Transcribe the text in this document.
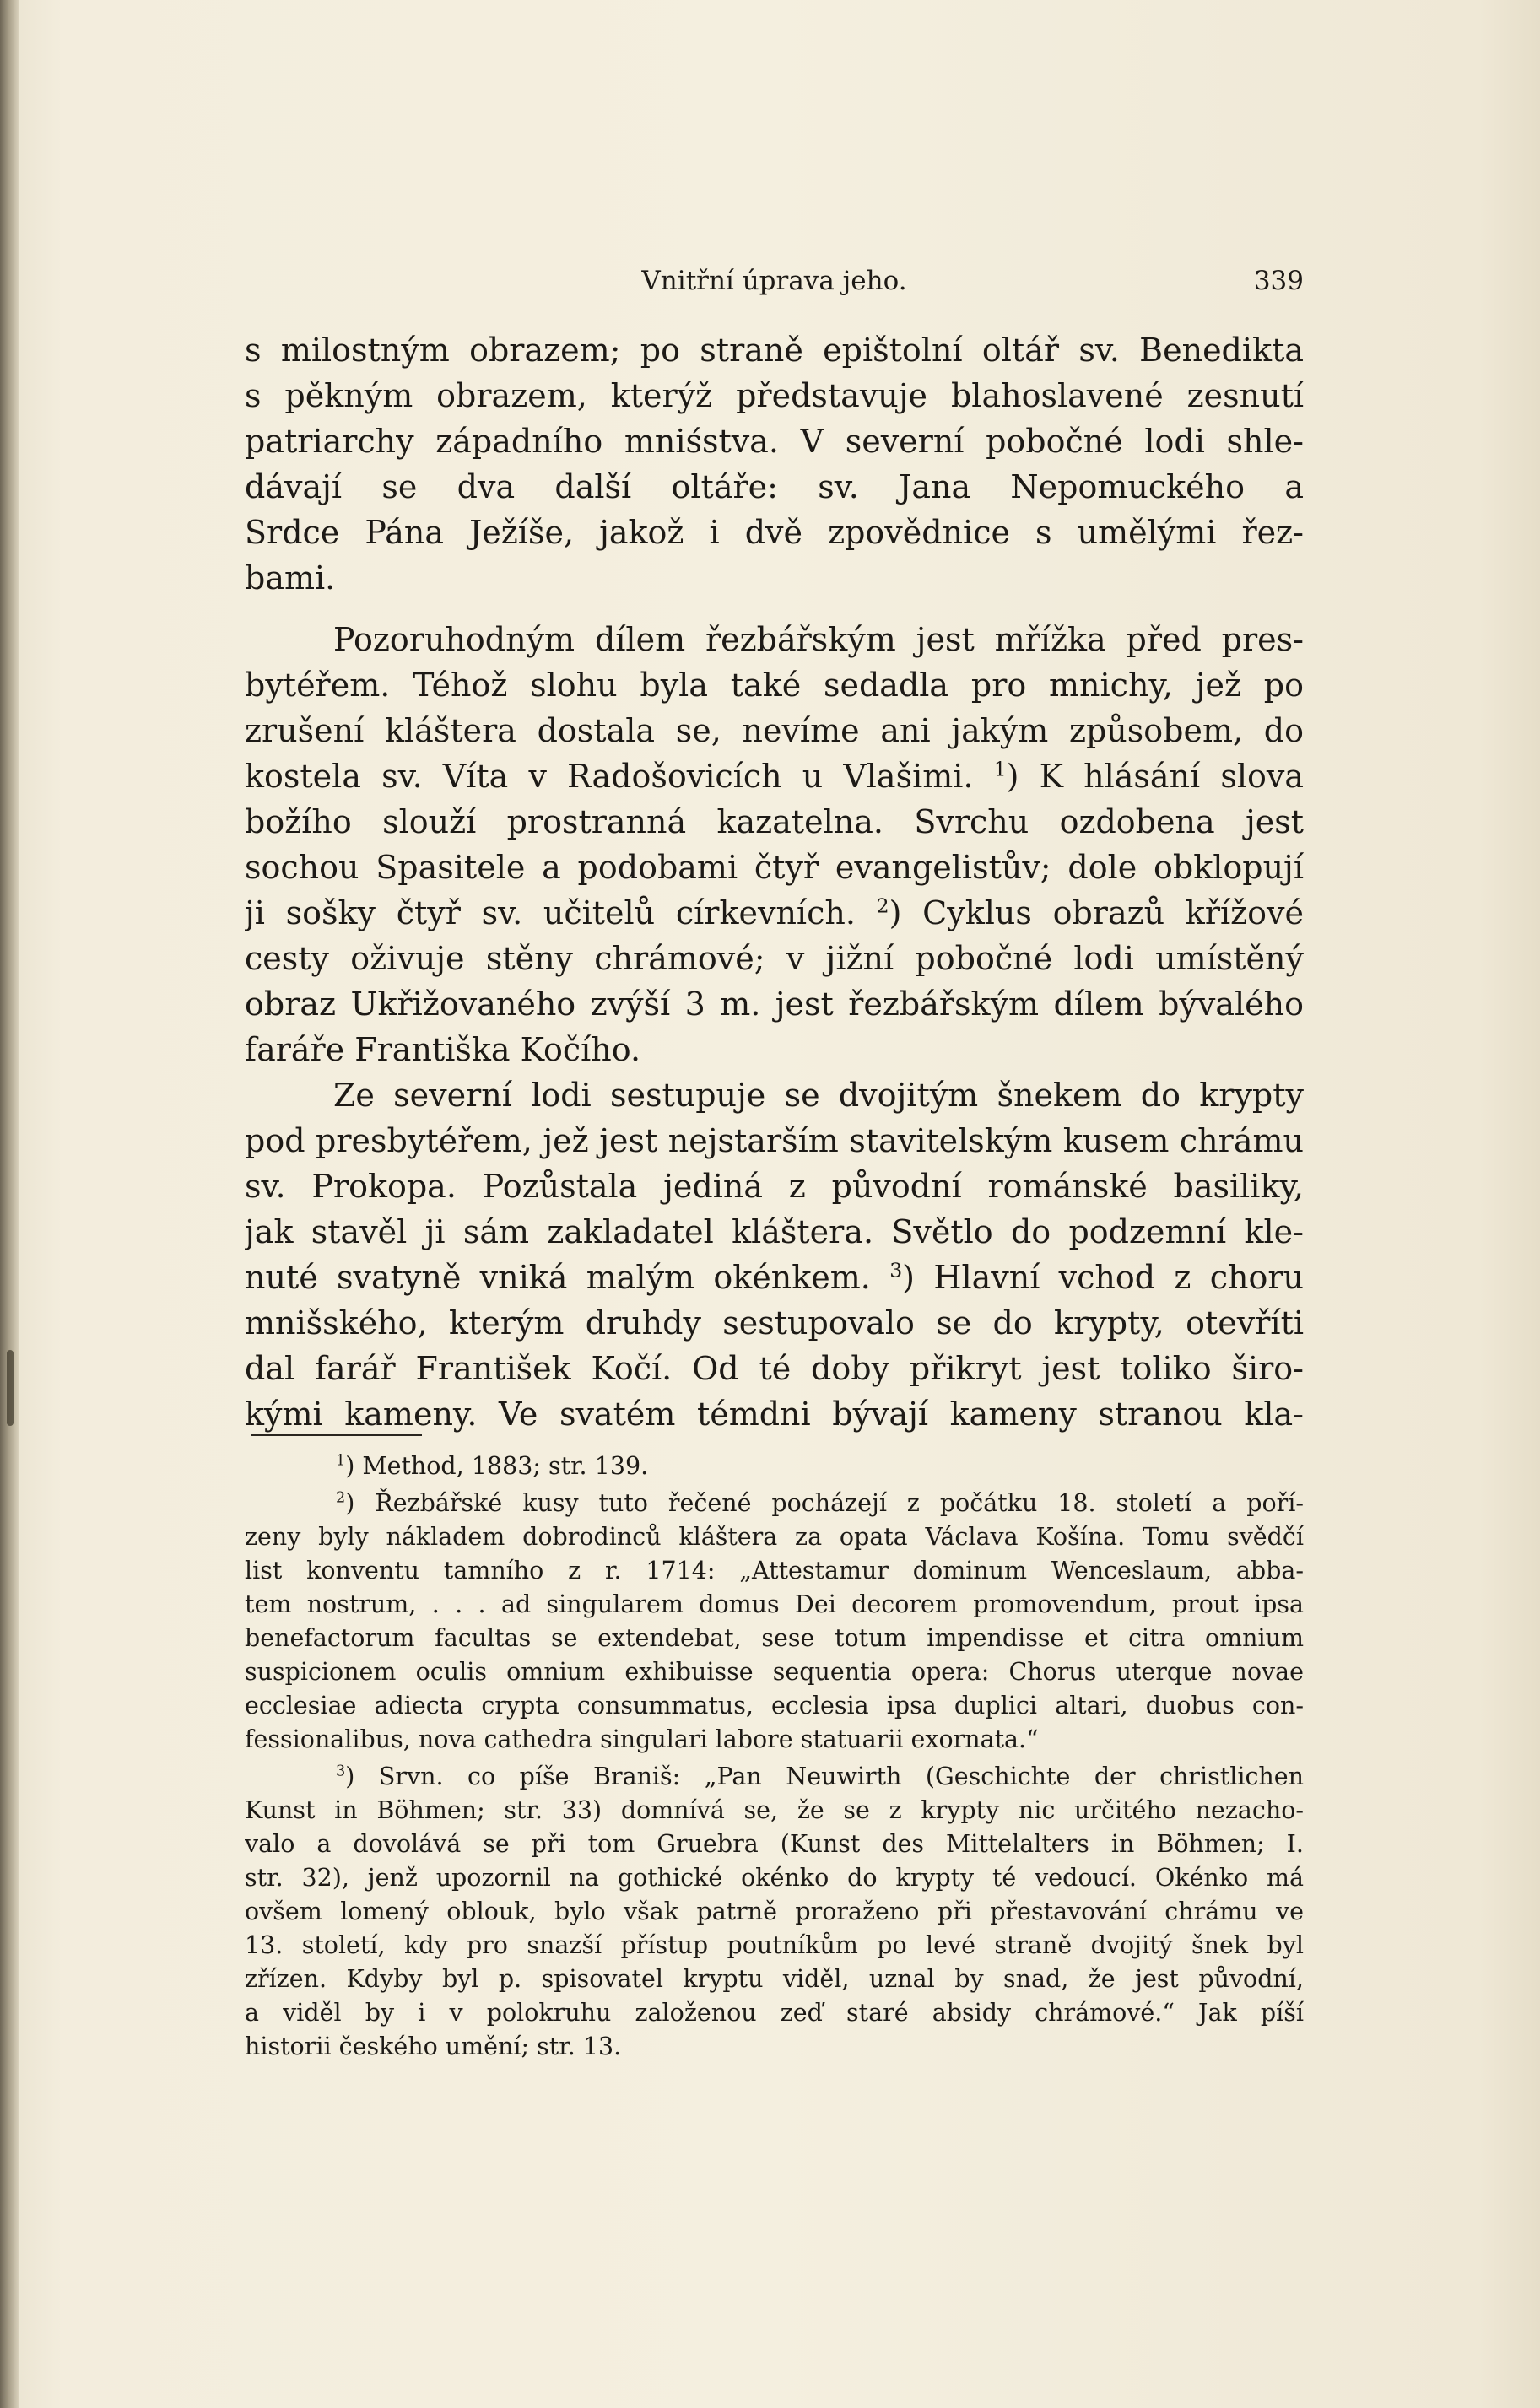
Vnitřní úprava jeho.	339
s milostným obrazem; po straně epištolní oltář sv. Benedikta
s pěkným obrazem, kterýž představuje blahoslavené zesnutí
patriarchy západního mniśstva. V severní pobočné lodi shle-
dávají se dva další oltáře: sv. Jana Nepomuckého a
Srdce Pána Ježíše, jakož i dvě zpovědnice s umělými řez-
bami.
Pozoruhodným dílem řezbářským jest mřížka před pres-
bytéřem. Téhož slohu byla také sedadla pro mnichy, jež po
zrušení kláštera dostala se, nevíme ani jakým způsobem, do
kostela sv. Víta v Radošovicích u Vlašimi. $^1$) K hlásání slova
božího slouží prostranná kazatelna. Svrchu ozdobena jest
sochou Spasitele a podobami čtyř evangelistův; dole obklopují
ji sošky čtyř sv. učitelů církevních. $^2$) Cyklus obrazů křížové
cesty oživuje stěny chrámové; v jižní pobočné lodi umístěný
obraz Ukřižovaného zvýší 3 m. jest řezbářským dílem bývalého
faráře Františka Kočího.
Ze severní lodi sestupuje se dvojitým šnekem do krypty
pod presbytéřem, jež jest nejstarším stavitelským kusem chrámu
sv. Prokopa. Pozůstala jediná z původní románské basiliky,
jak stavěl ji sám zakladatel kláštera. Světlo do podzemní kle-
nuté svatyně vniká malým okénkem. $^3$) Hlavní vchod z choru
mnišského, kterým druhdy sestupovalo se do krypty, otevříti
dal farář František Kočí. Od té doby přikryt jest toliko širo-
kými kameny. Ve svatém témdni bývají kameny stranou kla-
$^1$) Method, 1883; str. 139.
$^2$) Řezbářské kusy tuto řečené pocházejí z počátku 18. století a poří-
zeny byly nákladem dobrodinců kláštera za opata Václava Košína. Tomu svědčí
list konventu tamního z r. 1714: „Attestamur dominum Wenceslaum, abba-
tem nostrum, . . . ad singularem domus Dei decorem promovendum, prout ipsa
benefactorum facultas se extendebat, sese totum impendisse et citra omnium
suspicionem oculis omnium exhibuisse sequentia opera: Chorus uterque novae
ecclesiae adiecta crypta consummatus, ecclesia ipsa duplici altari, duobus con-
fessionalibus, nova cathedra singulari labore statuarii exornata.“
$^3$) Srvn. co píše Braniš: „Pan Neuwirth (Geschichte der christlichen
Kunst in Böhmen; str. 33) domnívá se, že se z krypty nic určitého nezacho-
valo a dovolává se při tom Gruebra (Kunst des Mittelalters in Böhmen; I.
str. 32), jenž upozornil na gothické okénko do krypty té vedoucí. Okénko má
ovšem lomený oblouk, bylo však patrně proraženo při přestavování chrámu ve
13. století, kdy pro snazší přístup poutníkům po levé straně dvojitý šnek byl
zřízen. Kdyby byl p. spisovatel kryptu viděl, uznal by snad, že jest původní,
a viděl by i v polokruhu založenou zeď staré absidy chrámové.“ Jak píší
historii českého umění; str. 13.
